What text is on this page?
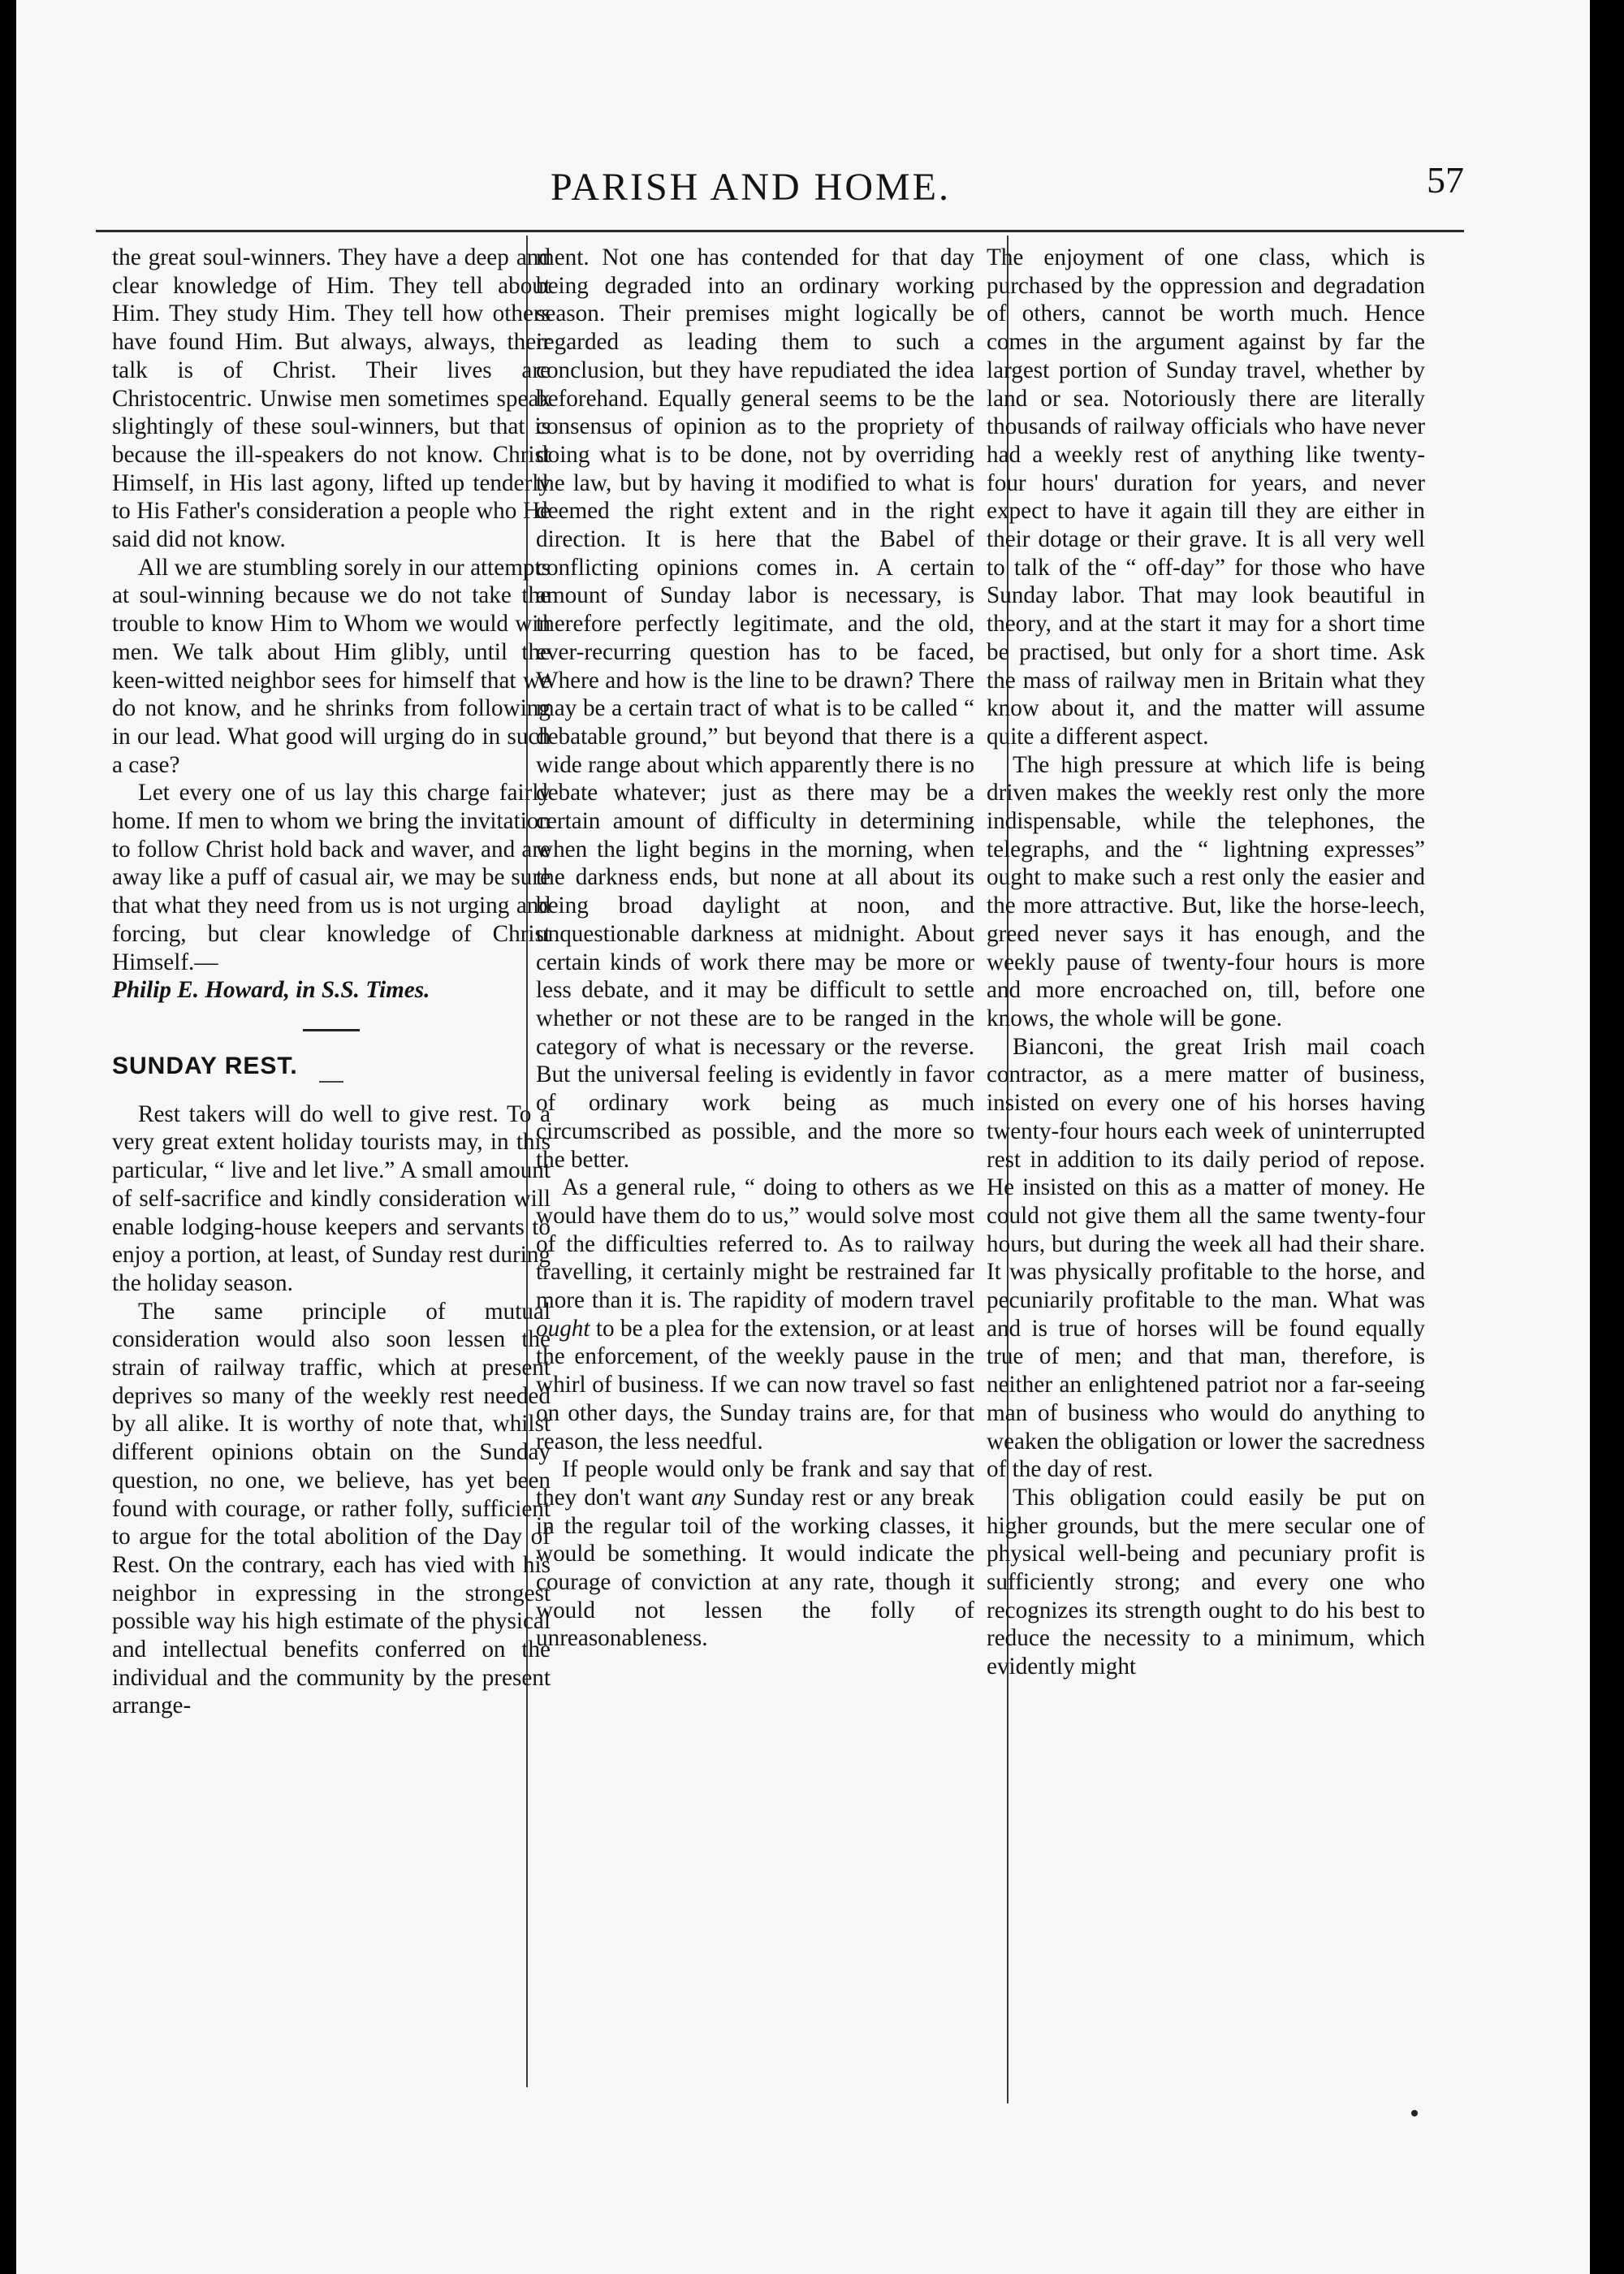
PARISH AND HOME.	57

the great soul-winners. They have a deep and clear knowledge of Him. They tell about Him. They study Him. They tell how others have found Him. But always, always, their talk is of Christ. Their lives are Christocentric. Unwise men sometimes speak slightingly of these soul-winners, but that is because the ill-speakers do not know. Christ Himself, in His last agony, lifted up tenderly to His Father's consideration a people who He said did not know.

All we are stumbling sorely in our attempts at soul-winning because we do not take the trouble to know Him to Whom we would win men. We talk about Him glibly, until the keen-witted neighbor sees for himself that we do not know, and he shrinks from following in our lead. What good will urging do in such a case?

Let every one of us lay this charge fairly home. If men to whom we bring the invitation to follow Christ hold back and waver, and are away like a puff of casual air, we may be sure that what they need from us is not urging and forcing, but clear knowledge of Christ Himself.—
Philip E. Howard, in S.S. Times.

SUNDAY REST.

Rest takers will do well to give rest. To a very great extent holiday tourists may, in this particular, “ live and let live.” A small amount of self-sacrifice and kindly consideration will enable lodging-house keepers and servants to enjoy a portion, at least, of Sunday rest during the holiday season.

The same principle of mutual consideration would also soon lessen the strain of railway traffic, which at present deprives so many of the weekly rest needed by all alike. It is worthy of note that, whilst different opinions obtain on the Sunday question, no one, we believe, has yet been found with courage, or rather folly, sufficient to argue for the total abolition of the Day of Rest. On the contrary, each has vied with his neighbor in expressing in the strongest possible way his high estimate of the physical and intellectual benefits conferred on the individual and the community by the present arrange-

ment. Not one has contended for that day being degraded into an ordinary working season. Their premises might logically be regarded as leading them to such a conclusion, but they have repudiated the idea beforehand. Equally general seems to be the consensus of opinion as to the propriety of doing what is to be done, not by overriding the law, but by having it modified to what is deemed the right extent and in the right direction. It is here that the Babel of conflicting opinions comes in. A certain amount of Sunday labor is necessary, is therefore perfectly legitimate, and the old, ever-recurring question has to be faced, Where and how is the line to be drawn? There may be a certain tract of what is to be called “ debatable ground,” but beyond that there is a wide range about which apparently there is no debate whatever; just as there may be a certain amount of difficulty in determining when the light begins in the morning, when the darkness ends, but none at all about its being broad daylight at noon, and unquestionable darkness at midnight. About certain kinds of work there may be more or less debate, and it may be difficult to settle whether or not these are to be ranged in the category of what is necessary or the reverse. But the universal feeling is evidently in favor of ordinary work being as much circumscribed as possible, and the more so the better.

As a general rule, “ doing to others as we would have them do to us,” would solve most of the difficulties referred to. As to railway travelling, it certainly might be restrained far more than it is. The rapidity of modern travel ought to be a plea for the extension, or at least the enforcement, of the weekly pause in the whirl of business. If we can now travel so fast on other days, the Sunday trains are, for that reason, the less needful.

If people would only be frank and say that they don't want any Sunday rest or any break in the regular toil of the working classes, it would be something. It would indicate the courage of conviction at any rate, though it would not lessen the folly of unreasonableness.

The enjoyment of one class, which is purchased by the oppression and degradation of others, cannot be worth much. Hence comes in the argument against by far the largest portion of Sunday travel, whether by land or sea. Notoriously there are literally thousands of railway officials who have never had a weekly rest of anything like twenty-four hours' duration for years, and never expect to have it again till they are either in their dotage or their grave. It is all very well to talk of the “ off-day” for those who have Sunday labor. That may look beautiful in theory, and at the start it may for a short time be practised, but only for a short time. Ask the mass of railway men in Britain what they know about it, and the matter will assume quite a different aspect.

The high pressure at which life is being driven makes the weekly rest only the more indispensable, while the telephones, the telegraphs, and the “ lightning expresses” ought to make such a rest only the easier and the more attractive. But, like the horse-leech, greed never says it has enough, and the weekly pause of twenty-four hours is more and more encroached on, till, before one knows, the whole will be gone.

Bianconi, the great Irish mail coach contractor, as a mere matter of business, insisted on every one of his horses having twenty-four hours each week of uninterrupted rest in addition to its daily period of repose. He insisted on this as a matter of money. He could not give them all the same twenty-four hours, but during the week all had their share. It was physically profitable to the horse, and pecuniarily profitable to the man. What was and is true of horses will be found equally true of men; and that man, therefore, is neither an enlightened patriot nor a far-seeing man of business who would do anything to weaken the obligation or lower the sacredness of the day of rest.

This obligation could easily be put on higher grounds, but the mere secular one of physical well-being and pecuniary profit is sufficiently strong; and every one who recognizes its strength ought to do his best to reduce the necessity to a minimum, which evidently might
